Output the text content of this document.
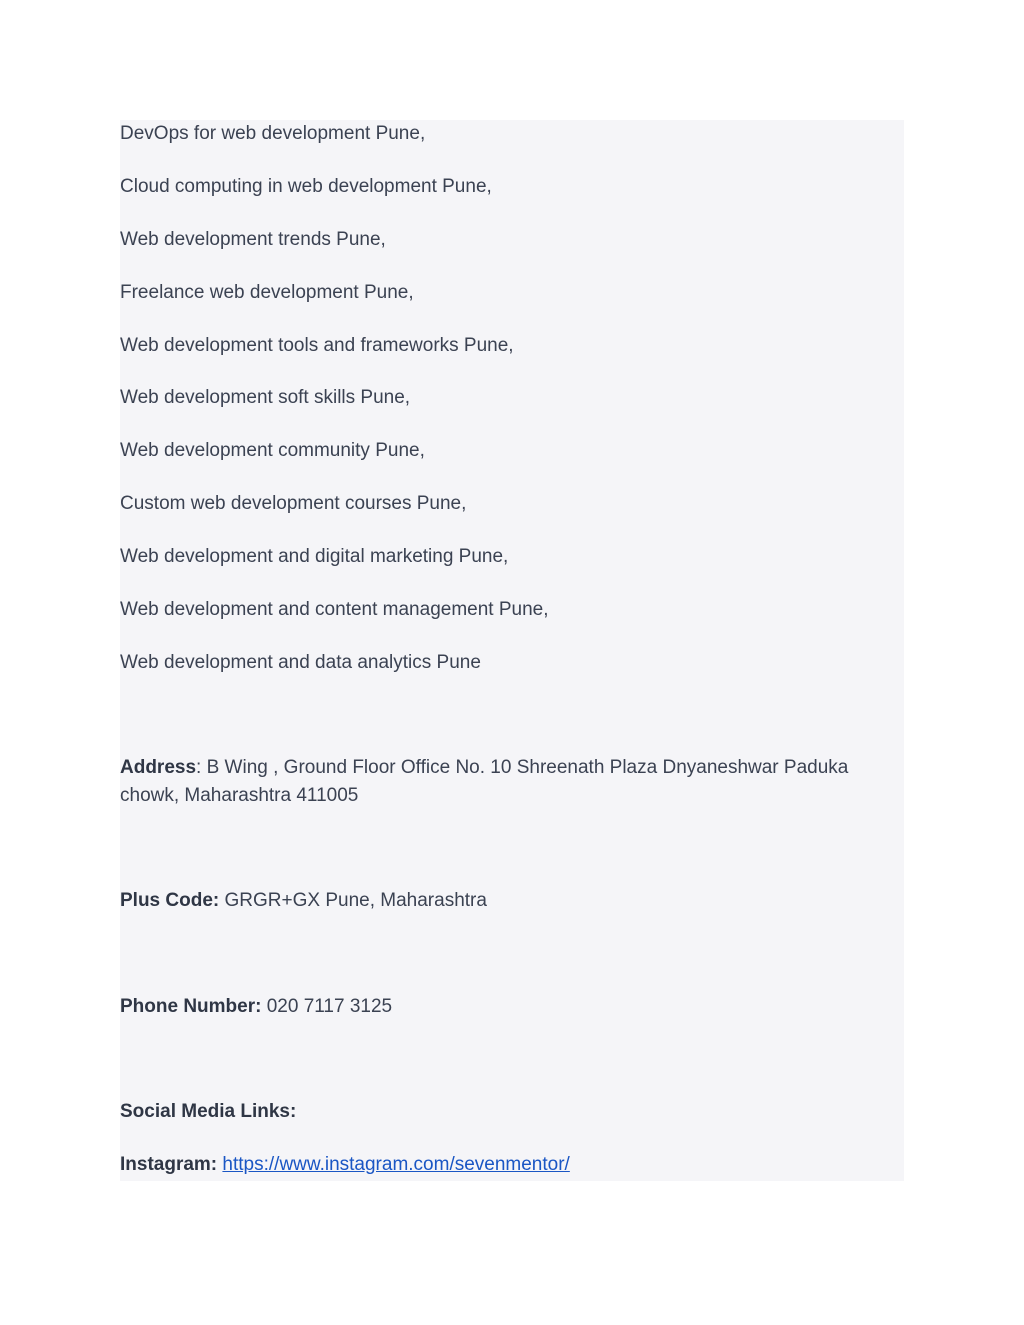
DevOps for web development Pune,
Cloud computing in web development Pune,
Web development trends Pune,
Freelance web development Pune,
Web development tools and frameworks Pune,
Web development soft skills Pune,
Web development community Pune,
Custom web development courses Pune,
Web development and digital marketing Pune,
Web development and content management Pune,
Web development and data analytics Pune
Address: B Wing , Ground Floor Office No. 10 Shreenath Plaza Dnyaneshwar Paduka chowk, Maharashtra 411005
Plus Code: GRGR+GX Pune, Maharashtra
Phone Number: 020 7117 3125
Social Media Links:
Instagram: https://www.instagram.com/sevenmentor/
